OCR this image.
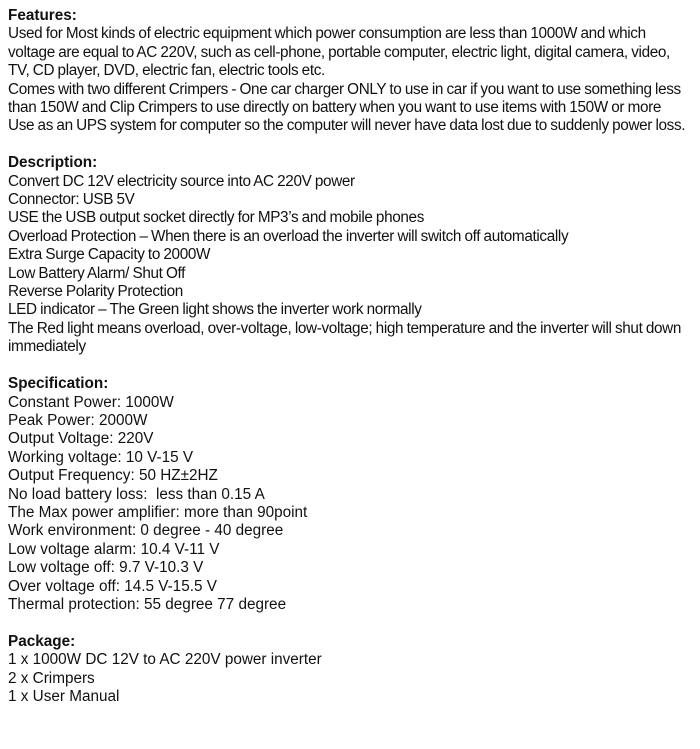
Features:
Used for Most kinds of electric equipment which power consumption are less than 1000W and which voltage are equal to AC 220V, such as cell-phone, portable computer, electric light, digital camera, video, TV, CD player, DVD, electric fan, electric tools etc.
Comes with two different Crimpers - One car charger ONLY to use in car if you want to use something less than 150W and Clip Crimpers to use directly on battery when you want to use items with 150W or more
Use as an UPS system for computer so the computer will never have data lost due to suddenly power loss.
Description:
Convert DC 12V electricity source into AC 220V power
Connector: USB 5V
USE the USB output socket directly for MP3’s and mobile phones
Overload Protection – When there is an overload the inverter will switch off automatically
Extra Surge Capacity to 2000W
Low Battery Alarm/ Shut Off
Reverse Polarity Protection
LED indicator – The Green light shows the inverter work normally
The Red light means overload, over-voltage, low-voltage; high temperature and the inverter will shut down immediately
Specification:
Constant Power: 1000W
Peak Power: 2000W
Output Voltage: 220V
Working voltage: 10 V-15 V
Output Frequency: 50 HZ±2HZ
No load battery loss:  less than 0.15 A
The Max power amplifier: more than 90point
Work environment: 0 degree - 40 degree
Low voltage alarm: 10.4 V-11 V
Low voltage off: 9.7 V-10.3 V
Over voltage off: 14.5 V-15.5 V
Thermal protection: 55 degree 77 degree
Package:
1 x 1000W DC 12V to AC 220V power inverter
2 x Crimpers
1 x User Manual
